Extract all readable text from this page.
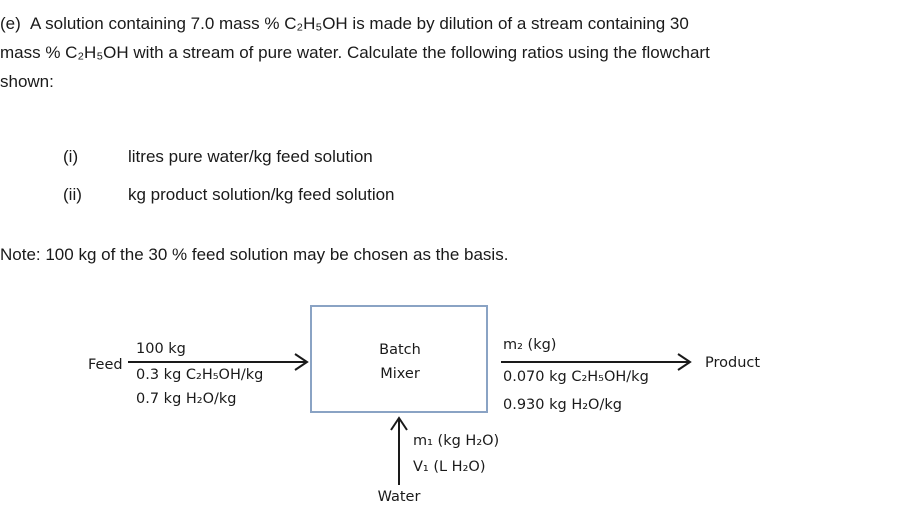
(e) A solution containing 7.0 mass % C₂H₅OH is made by dilution of a stream containing 30
mass % C₂H₅OH with a stream of pure water. Calculate the following ratios using the flowchart
shown:
(i)	litres pure water/kg feed solution
(ii)	kg product solution/kg feed solution
Note: 100 kg of the 30 % feed solution may be chosen as the basis.
Feed
100 kg
0.3 kg C₂H₅OH/kg
0.7 kg H₂O/kg
Batch
Mixer
m₂ (kg)
0.070 kg C₂H₅OH/kg
0.930 kg H₂O/kg
Product
m₁ (kg H₂O)
V₁ (L H₂O)
Water
